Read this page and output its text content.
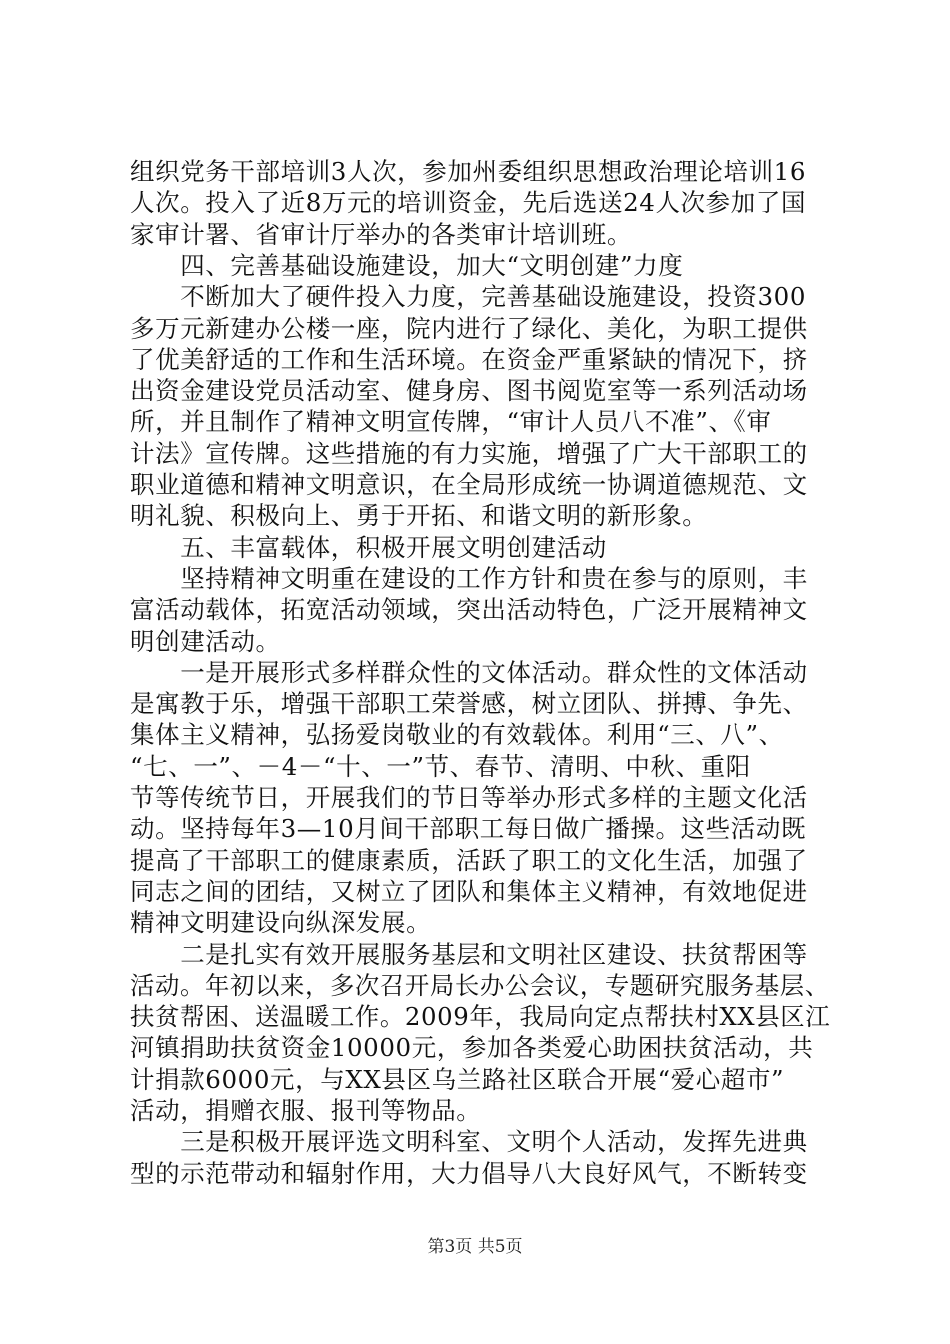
组织党务干部培训3人次，参加州委组织思想政治理论培训16
人次。投入了近8万元的培训资金，先后选送24人次参加了国
家审计署、省审计厅举办的各类审计培训班。
　　四、完善基础设施建设，加大“文明创建”力度
　　不断加大了硬件投入力度，完善基础设施建设，投资300
多万元新建办公楼一座，院内进行了绿化、美化，为职工提供
了优美舒适的工作和生活环境。在资金严重紧缺的情况下，挤
出资金建设党员活动室、健身房、图书阅览室等一系列活动场
所，并且制作了精神文明宣传牌，“审计人员八不准”、《审
计法》宣传牌。这些措施的有力实施，增强了广大干部职工的
职业道德和精神文明意识，在全局形成统一协调道德规范、文
明礼貌、积极向上、勇于开拓、和谐文明的新形象。
　　五、丰富载体，积极开展文明创建活动
　　坚持精神文明重在建设的工作方针和贵在参与的原则，丰
富活动载体，拓宽活动领域，突出活动特色，广泛开展精神文
明创建活动。
　　一是开展形式多样群众性的文体活动。群众性的文体活动
是寓教于乐，增强干部职工荣誉感，树立团队、拼搏、争先、
集体主义精神，弘扬爱岗敬业的有效载体。利用“三、八”、
“七、一”、－4－“十、一”节、春节、清明、中秋、重阳
节等传统节日，开展我们的节日等举办形式多样的主题文化活
动。坚持每年3—10月间干部职工每日做广播操。这些活动既
提高了干部职工的健康素质，活跃了职工的文化生活，加强了
同志之间的团结，又树立了团队和集体主义精神，有效地促进
精神文明建设向纵深发展。
　　二是扎实有效开展服务基层和文明社区建设、扶贫帮困等
活动。年初以来，多次召开局长办公会议，专题研究服务基层、
扶贫帮困、送温暖工作。2009年，我局向定点帮扶村XX县区江
河镇捐助扶贫资金10000元，参加各类爱心助困扶贫活动，共
计捐款6000元，与XX县区乌兰路社区联合开展“爱心超市”
活动，捐赠衣服、报刊等物品。
　　三是积极开展评选文明科室、文明个人活动，发挥先进典
型的示范带动和辐射作用，大力倡导八大良好风气，不断转变
第3页 共5页
